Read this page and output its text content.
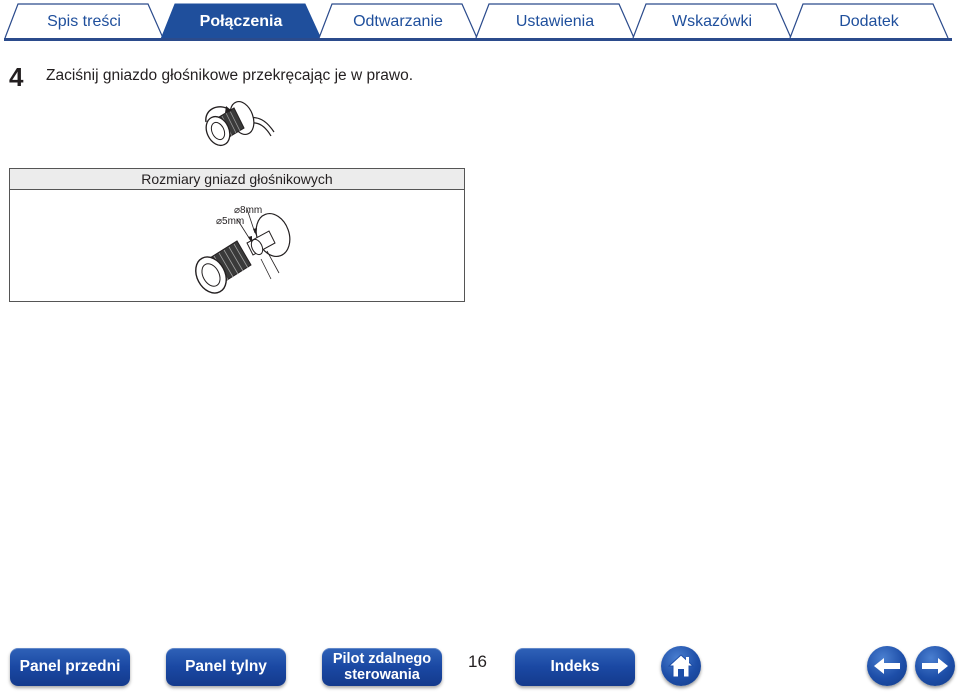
Spis treści	Połączenia	Odtwarzanie	Ustawienia	Wskazówki	Dodatek
4 Zaciśnij gniazdo głośnikowe przekręcając je w prawo.
Rozmiary gniazd głośnikowych
⌀8mm
⌀5mm
Panel przedni	Panel tylny	Pilot zdalnego
sterowania
16	Indeks
